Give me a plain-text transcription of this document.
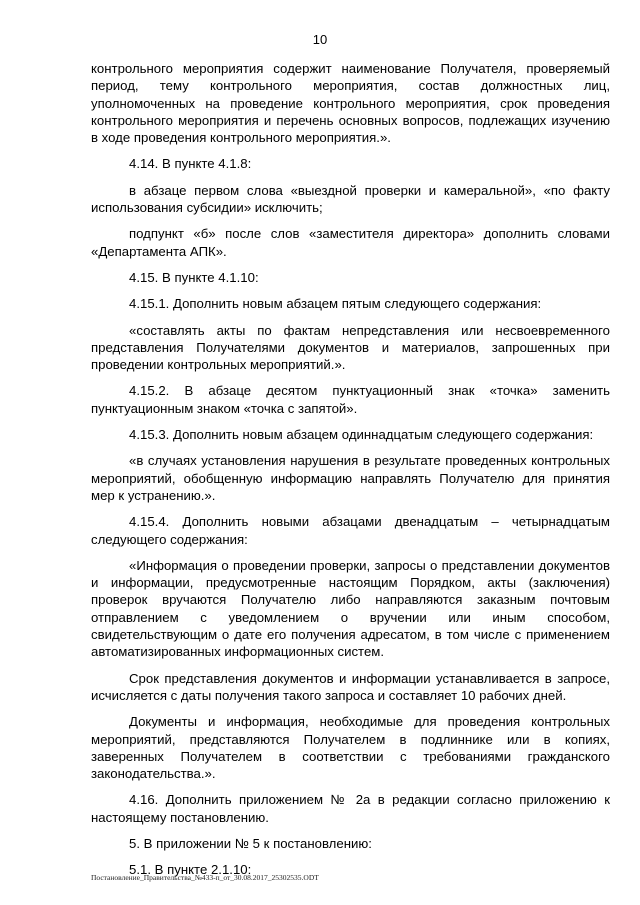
10

контрольного мероприятия содержит наименование Получателя, проверяемый период, тему контрольного мероприятия, состав должностных лиц, уполномоченных на проведение контрольного мероприятия, срок проведения контрольного мероприятия и перечень основных вопросов, подлежащих изучению в ходе проведения контрольного мероприятия.».

4.14. В пункте 4.1.8:

в абзаце первом слова «выездной проверки и камеральной», «по факту использования субсидии» исключить;

подпункт «б» после слов «заместителя директора» дополнить словами «Департамента АПК».

4.15. В пункте 4.1.10:

4.15.1. Дополнить новым абзацем пятым следующего содержания:

«составлять акты по фактам непредставления или несвоевременного представления Получателями документов и материалов, запрошенных при проведении контрольных мероприятий.».

4.15.2. В абзаце десятом пунктуационный знак «точка» заменить пунктуационным знаком «точка с запятой».

4.15.3. Дополнить новым абзацем одиннадцатым следующего содержания:

«в случаях установления нарушения в результате проведенных контрольных мероприятий, обобщенную информацию направлять Получателю для принятия мер к устранению.».

4.15.4. Дополнить новыми абзацами двенадцатым – четырнадцатым следующего содержания:

«Информация о проведении проверки, запросы о представлении документов и информации, предусмотренные настоящим Порядком, акты (заключения) проверок вручаются Получателю либо направляются заказным почтовым отправлением с уведомлением о вручении или иным способом, свидетельствующим о дате его получения адресатом, в том числе с применением автоматизированных информационных систем.

Срок представления документов и информации устанавливается в запросе, исчисляется с даты получения такого запроса и составляет 10 рабочих дней.

Документы и информация, необходимые для проведения контрольных мероприятий, представляются Получателем в подлиннике или в копиях, заверенных Получателем в соответствии с требованиями гражданского законодательства.».

4.16. Дополнить приложением № 2а в редакции согласно приложению к настоящему постановлению.

5. В приложении № 5 к постановлению:

5.1. В пункте 2.1.10:

Постановление_Правительства_№433-п_от_30.08.2017_25302535.ODT
